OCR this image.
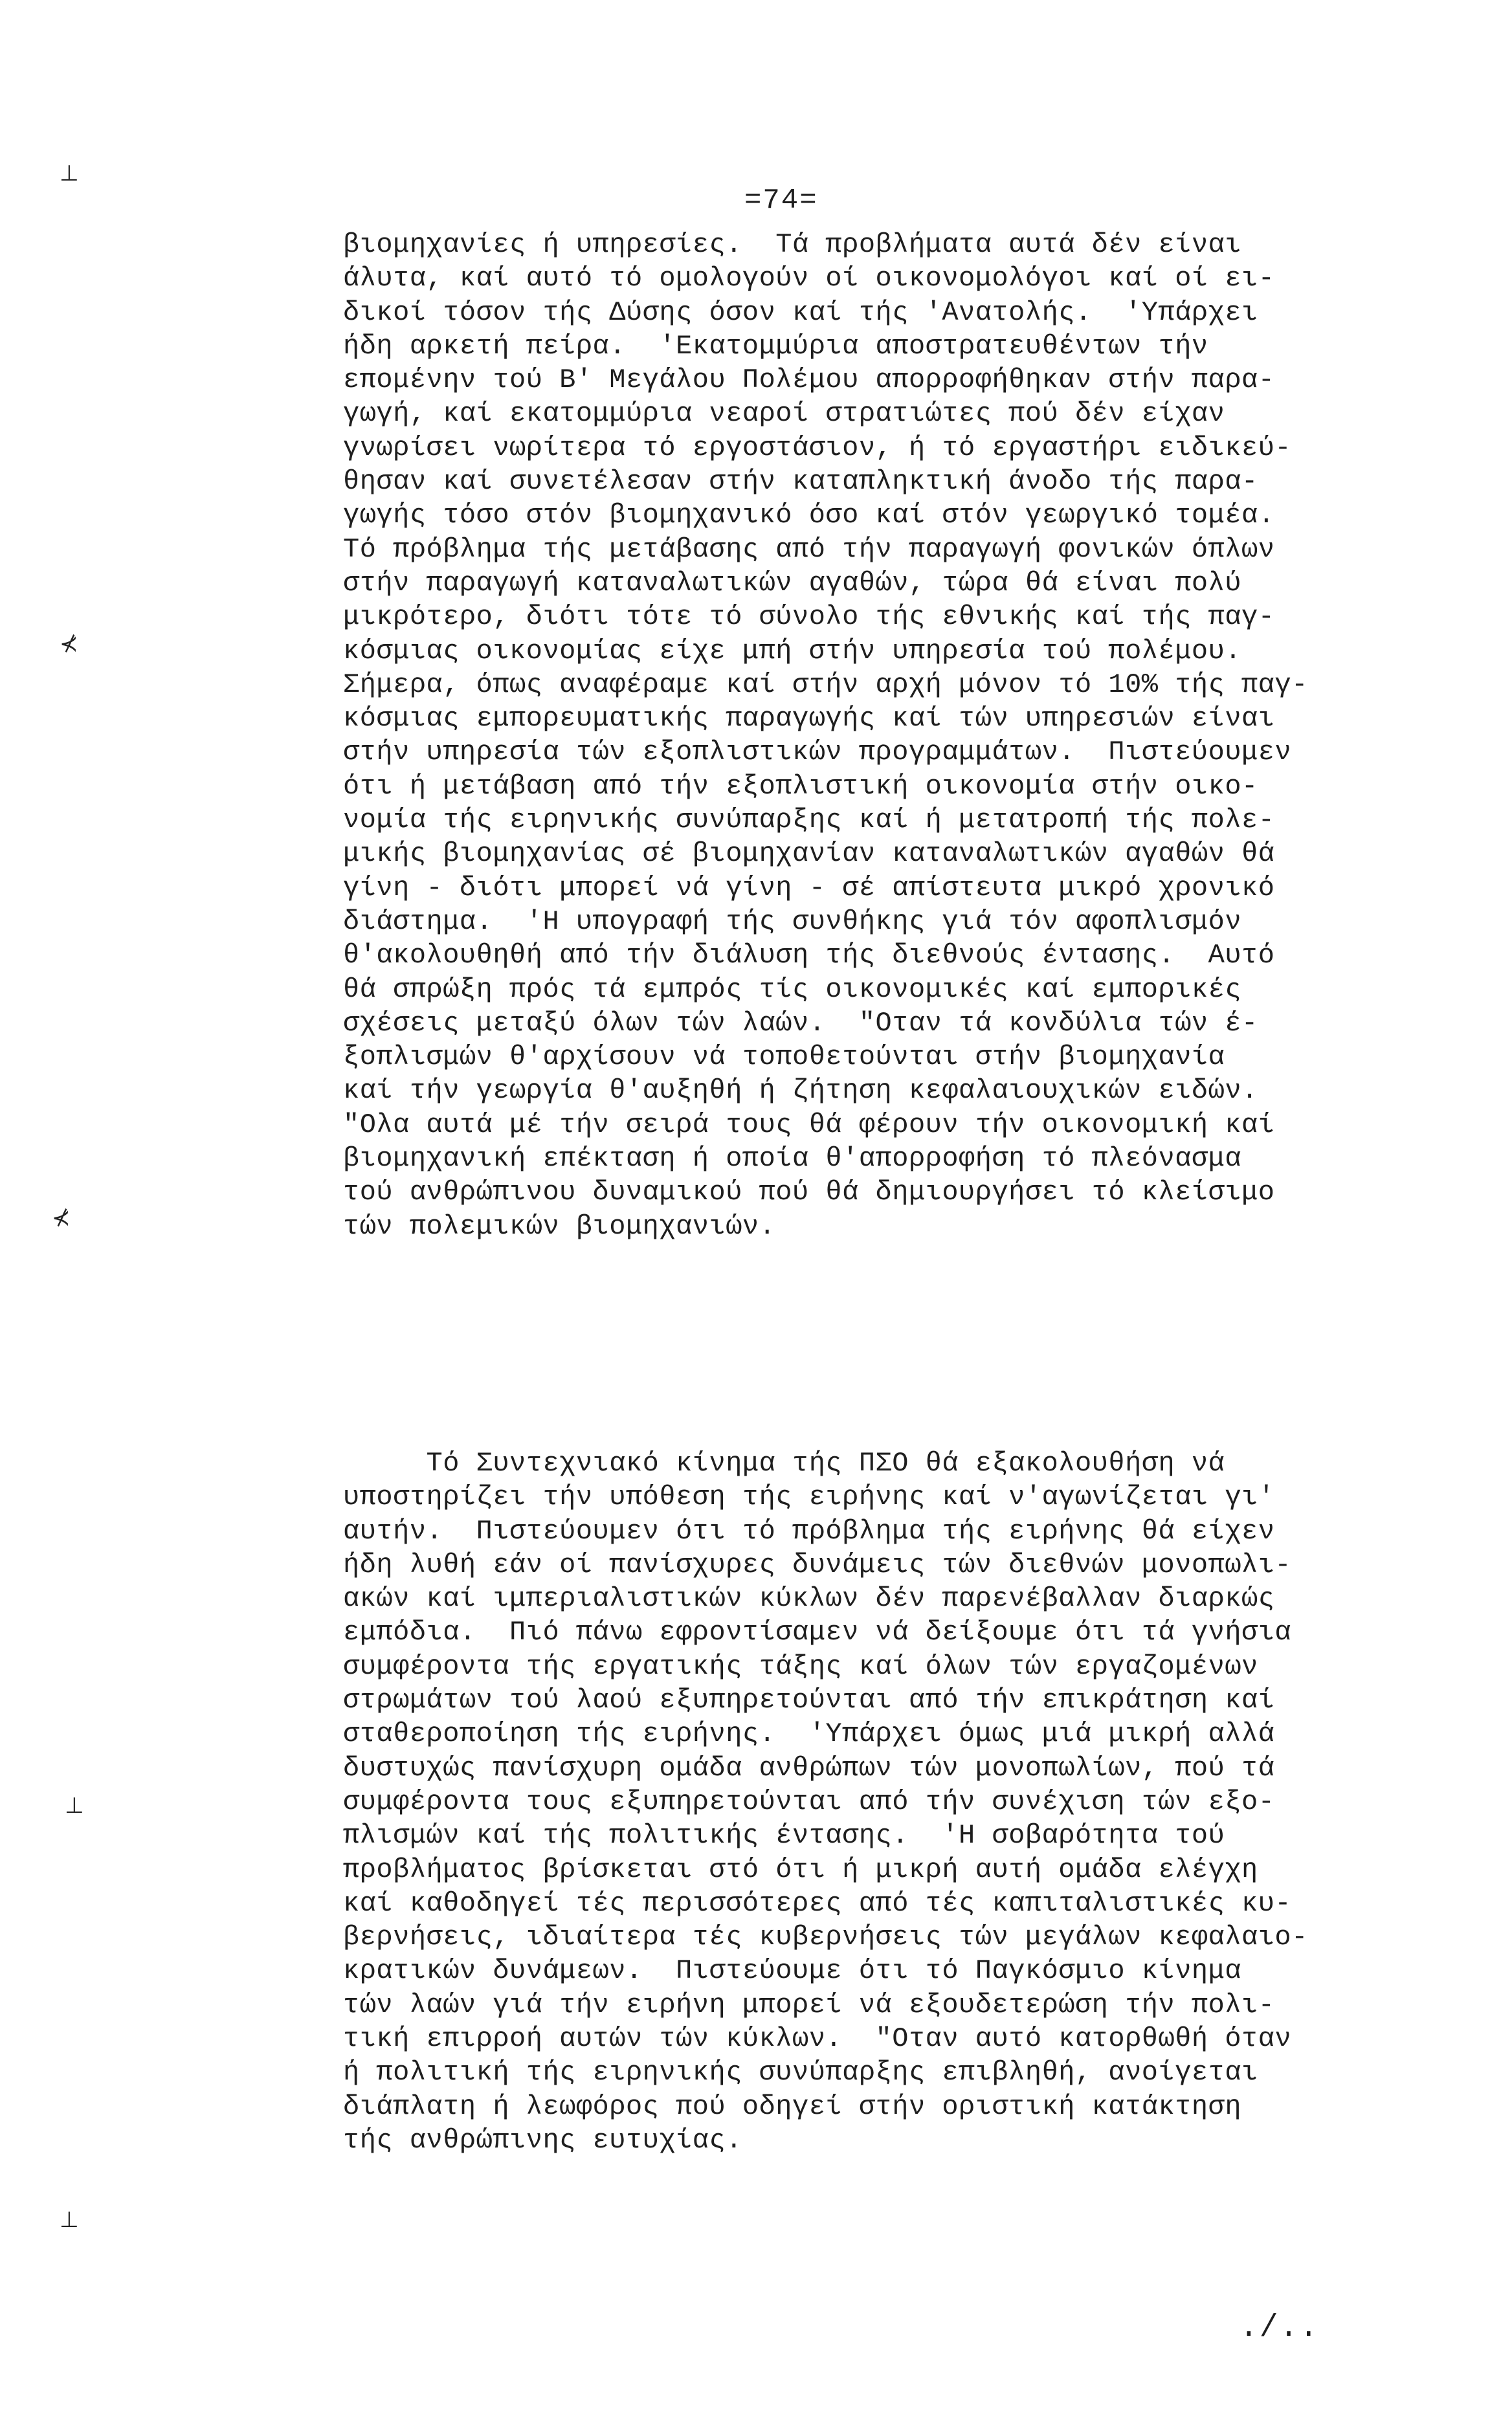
=74=
βιομηχανίες ή υπηρεσίες.  Τά προβλήματα αυτά δέν είναι
άλυτα, καί αυτό τό ομολογούν οί οικονομολόγοι καί οί ει-
δικοί τόσον τής Δύσης όσον καί τής 'Ανατολής.  'Υπάρχει
ήδη αρκετή πείρα.  'Εκατομμύρια αποστρατευθέντων τήν
επομένην τού Β' Μεγάλου Πολέμου απορροφήθηκαν στήν παρα-
γωγή, καί εκατομμύρια νεαροί στρατιώτες πού δέν είχαν
γνωρίσει νωρίτερα τό εργοστάσιον, ή τό εργαστήρι ειδικεύ-
θησαν καί συνετέλεσαν στήν καταπληκτική άνοδο τής παρα-
γωγής τόσο στόν βιομηχανικό όσο καί στόν γεωργικό τομέα.
Τό πρόβλημα τής μετάβασης από τήν παραγωγή φονικών όπλων
στήν παραγωγή καταναλωτικών αγαθών, τώρα θά είναι πολύ
μικρότερο, διότι τότε τό σύνολο τής εθνικής καί τής παγ-
κόσμιας οικονομίας είχε μπή στήν υπηρεσία τού πολέμου.
Σήμερα, όπως αναφέραμε καί στήν αρχή μόνον τό 10% τής παγ-
κόσμιας εμπορευματικής παραγωγής καί τών υπηρεσιών είναι
στήν υπηρεσία τών εξοπλιστικών προγραμμάτων.  Πιστεύουμεν
ότι ή μετάβαση από τήν εξοπλιστική οικονομία στήν οικο-
νομία τής ειρηνικής συνύπαρξης καί ή μετατροπή τής πολε-
μικής βιομηχανίας σέ βιομηχανίαν καταναλωτικών αγαθών θά
γίνη - διότι μπορεί νά γίνη - σέ απίστευτα μικρό χρονικό
διάστημα.  'Η υπογραφή τής συνθήκης γιά τόν αφοπλισμόν
θ'ακολουθηθή από τήν διάλυση τής διεθνούς έντασης.  Αυτό
θά σπρώξη πρός τά εμπρός τίς οικονομικές καί εμπορικές
σχέσεις μεταξύ όλων τών λαών.  "Οταν τά κονδύλια τών έ-
ξοπλισμών θ'αρχίσουν νά τοποθετούνται στήν βιομηχανία
καί τήν γεωργία θ'αυξηθή ή ζήτηση κεφαλαιουχικών ειδών.
"Ολα αυτά μέ τήν σειρά τους θά φέρουν τήν οικονομική καί
βιομηχανική επέκταση ή οποία θ'απορροφήση τό πλεόνασμα
τού ανθρώπινου δυναμικού πού θά δημιουργήσει τό κλείσιμο
τών πολεμικών βιομηχανιών.
Τό Συντεχνιακό κίνημα τής ΠΣΟ θά εξακολουθήση νά
υποστηρίζει τήν υπόθεση τής ειρήνης καί ν'αγωνίζεται γι'
αυτήν.  Πιστεύουμεν ότι τό πρόβλημα τής ειρήνης θά είχεν
ήδη λυθή εάν οί πανίσχυρες δυνάμεις τών διεθνών μονοπωλι-
ακών καί ιμπεριαλιστικών κύκλων δέν παρενέβαλλαν διαρκώς
εμπόδια.  Πιό πάνω εφροντίσαμεν νά δείξουμε ότι τά γνήσια
συμφέροντα τής εργατικής τάξης καί όλων τών εργαζομένων
στρωμάτων τού λαού εξυπηρετούνται από τήν επικράτηση καί
σταθεροποίηση τής ειρήνης.  'Υπάρχει όμως μιά μικρή αλλά
δυστυχώς πανίσχυρη ομάδα ανθρώπων τών μονοπωλίων, πού τά
συμφέροντα τους εξυπηρετούνται από τήν συνέχιση τών εξο-
πλισμών καί τής πολιτικής έντασης.  'Η σοβαρότητα τού
προβλήματος βρίσκεται στό ότι ή μικρή αυτή ομάδα ελέγχη
καί καθοδηγεί τές περισσότερες από τές καπιταλιστικές κυ-
βερνήσεις, ιδιαίτερα τές κυβερνήσεις τών μεγάλων κεφαλαιο-
κρατικών δυνάμεων.  Πιστεύουμε ότι τό Παγκόσμιο κίνημα
τών λαών γιά τήν ειρήνη μπορεί νά εξουδετερώση τήν πολι-
τική επιρροή αυτών τών κύκλων.  "Οταν αυτό κατορθωθή όταν
ή πολιτική τής ειρηνικής συνύπαρξης επιβληθή, ανοίγεται
διάπλατη ή λεωφόρος πού οδηγεί στήν οριστική κατάκτηση
τής ανθρώπινης ευτυχίας.
./..
⊥
⊀
⊀
⊥
⊥
